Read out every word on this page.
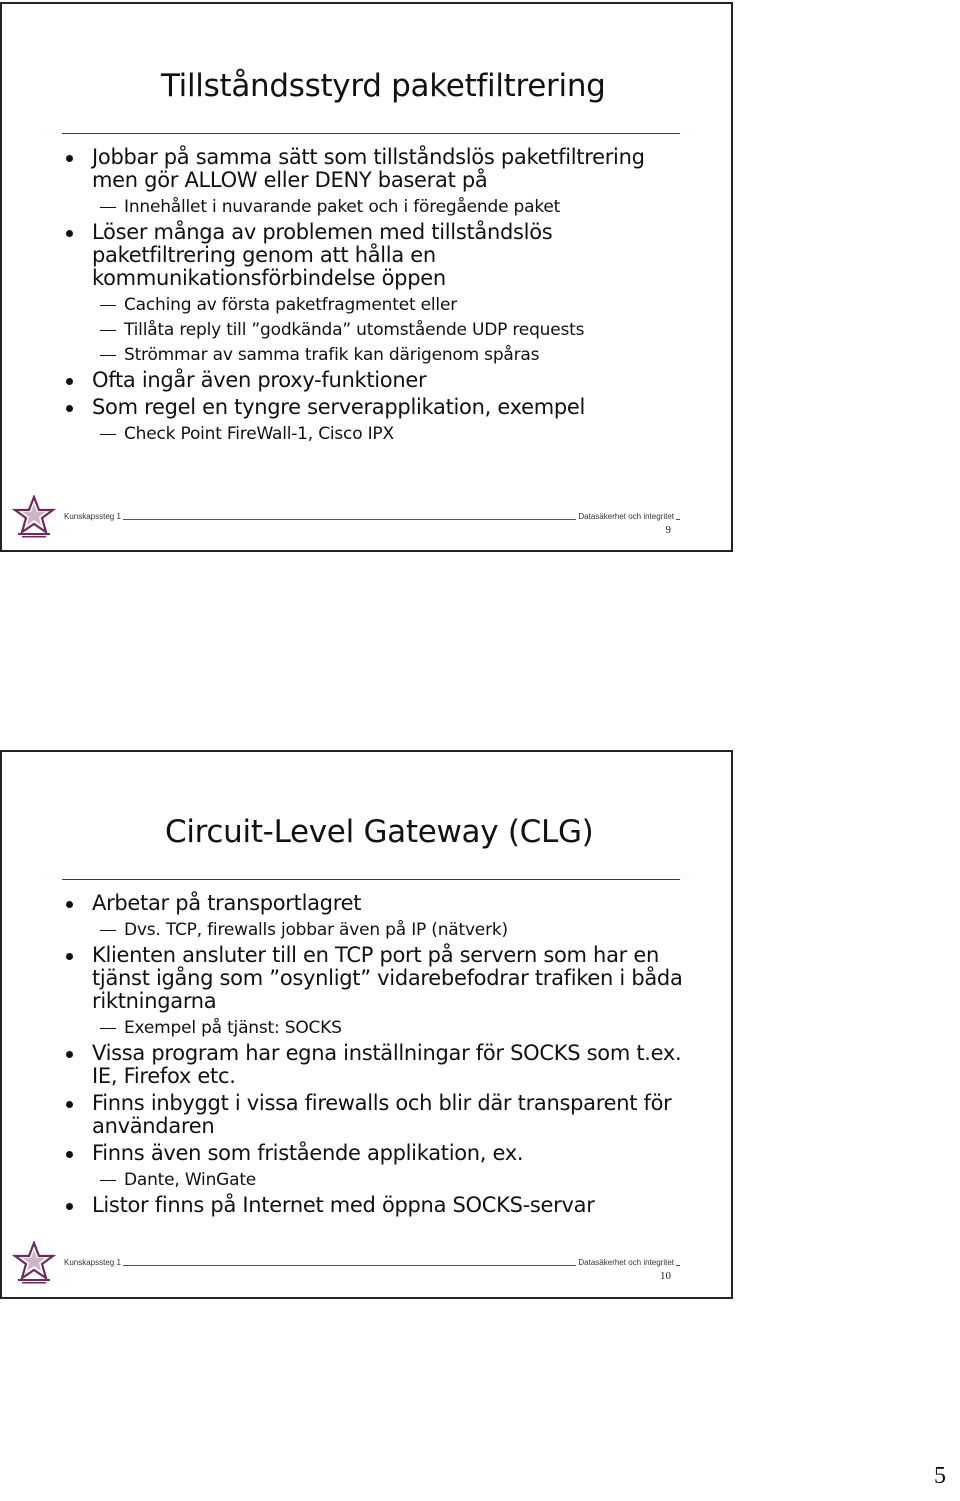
Tillståndsstyrd paketfiltrering
Jobbar på samma sätt som tillståndslös paketfiltrering men gör ALLOW eller DENY baserat på
Innehållet i nuvarande paket och i föregående paket
Löser många av problemen med tillståndslös paketfiltrering genom att hålla en kommunikationsförbindelse öppen
Caching av första paketfragmentet eller
Tillåta reply till ”godkända” utomstående UDP requests
Strömmar av samma trafik kan därigenom spåras
Ofta ingår även proxy-funktioner
Som regel en tyngre serverapplikation, exempel
Check Point FireWall-1, Cisco IPX
Kunskapssteg 1	Datasäkerhet och integritet
9
Circuit-Level Gateway (CLG)
Arbetar på transportlagret
Dvs. TCP, firewalls jobbar även på IP (nätverk)
Klienten ansluter till en TCP port på servern som har en tjänst igång som ”osynligt” vidarebefodrar trafiken i båda riktningarna
Exempel på tjänst: SOCKS
Vissa program har egna inställningar för SOCKS som t.ex. IE, Firefox etc.
Finns inbyggt i vissa firewalls och blir där transparent för användaren
Finns även som fristående applikation, ex.
Dante, WinGate
Listor finns på Internet med öppna SOCKS-servar
Kunskapssteg 1	Datasäkerhet och integritet
10
5
